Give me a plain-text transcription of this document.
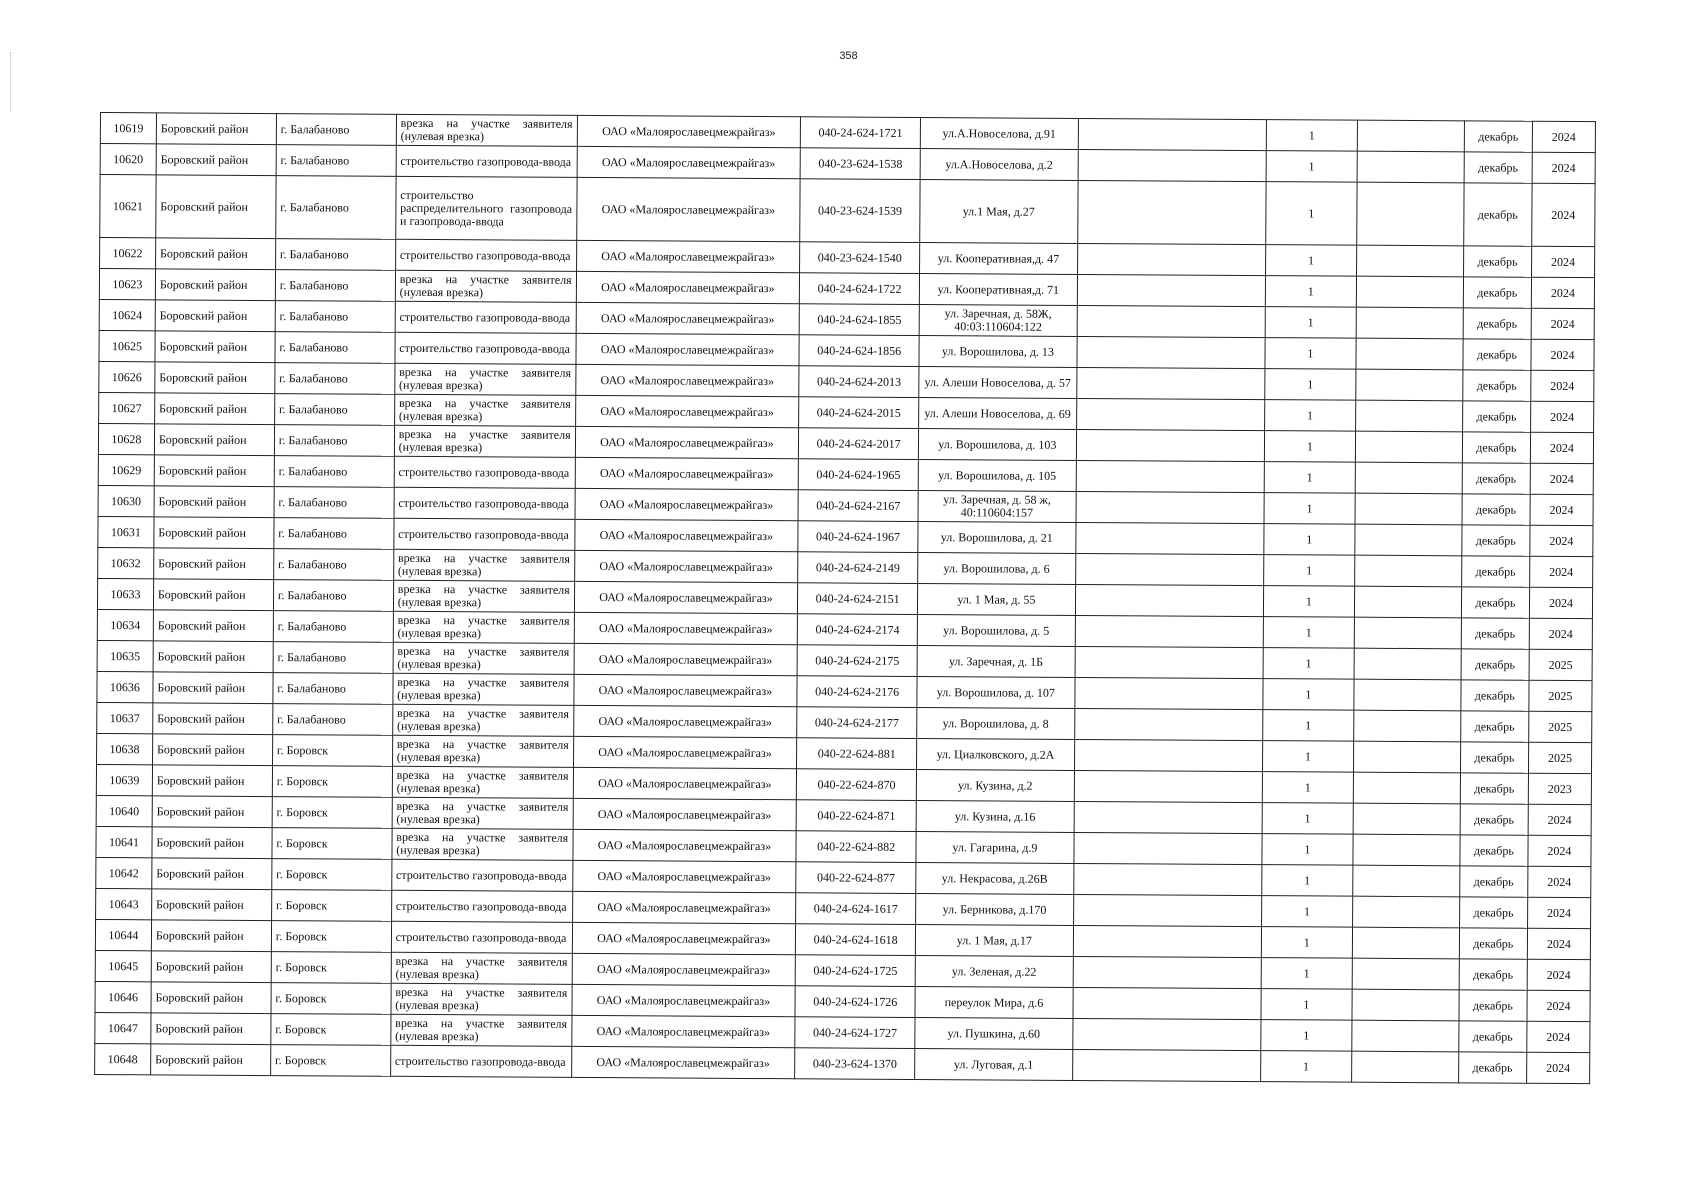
358
10619	Боровский район	г. Балабаново	врезка на участке заявителя (нулевая врезка)	ОАО «Малоярославецмежрайгаз»	040-24-624-1721	ул.А.Новоселова, д.91		1		декабрь	2024
10620	Боровский район	г. Балабаново	строительство газопровода-ввода	ОАО «Малоярославецмежрайгаз»	040-23-624-1538	ул.А.Новоселова, д.2		1		декабрь	2024
10621	Боровский район	г. Балабаново	строительство распределительного газопровода и газопровода-ввода	ОАО «Малоярославецмежрайгаз»	040-23-624-1539	ул.1 Мая, д.27		1		декабрь	2024
10622	Боровский район	г. Балабаново	строительство газопровода-ввода	ОАО «Малоярославецмежрайгаз»	040-23-624-1540	ул. Кооперативная,д. 47		1		декабрь	2024
10623	Боровский район	г. Балабаново	врезка на участке заявителя (нулевая врезка)	ОАО «Малоярославецмежрайгаз»	040-24-624-1722	ул. Кооперативная,д. 71		1		декабрь	2024
10624	Боровский район	г. Балабаново	строительство газопровода-ввода	ОАО «Малоярославецмежрайгаз»	040-24-624-1855	ул. Заречная, д. 58Ж, 40:03:110604:122		1		декабрь	2024
10625	Боровский район	г. Балабаново	строительство газопровода-ввода	ОАО «Малоярославецмежрайгаз»	040-24-624-1856	ул. Ворошилова, д. 13		1		декабрь	2024
10626	Боровский район	г. Балабаново	врезка на участке заявителя (нулевая врезка)	ОАО «Малоярославецмежрайгаз»	040-24-624-2013	ул. Алеши Новоселова, д. 57		1		декабрь	2024
10627	Боровский район	г. Балабаново	врезка на участке заявителя (нулевая врезка)	ОАО «Малоярославецмежрайгаз»	040-24-624-2015	ул. Алеши Новоселова, д. 69		1		декабрь	2024
10628	Боровский район	г. Балабаново	врезка на участке заявителя (нулевая врезка)	ОАО «Малоярославецмежрайгаз»	040-24-624-2017	ул. Ворошилова, д. 103		1		декабрь	2024
10629	Боровский район	г. Балабаново	строительство газопровода-ввода	ОАО «Малоярославецмежрайгаз»	040-24-624-1965	ул. Ворошилова, д. 105		1		декабрь	2024
10630	Боровский район	г. Балабаново	строительство газопровода-ввода	ОАО «Малоярославецмежрайгаз»	040-24-624-2167	ул. Заречная, д. 58 ж, 40:110604:157		1		декабрь	2024
10631	Боровский район	г. Балабаново	строительство газопровода-ввода	ОАО «Малоярославецмежрайгаз»	040-24-624-1967	ул. Ворошилова, д. 21		1		декабрь	2024
10632	Боровский район	г. Балабаново	врезка на участке заявителя (нулевая врезка)	ОАО «Малоярославецмежрайгаз»	040-24-624-2149	ул. Ворошилова, д. 6		1		декабрь	2024
10633	Боровский район	г. Балабаново	врезка на участке заявителя (нулевая врезка)	ОАО «Малоярославецмежрайгаз»	040-24-624-2151	ул. 1 Мая, д. 55		1		декабрь	2024
10634	Боровский район	г. Балабаново	врезка на участке заявителя (нулевая врезка)	ОАО «Малоярославецмежрайгаз»	040-24-624-2174	ул. Ворошилова, д. 5		1		декабрь	2024
10635	Боровский район	г. Балабаново	врезка на участке заявителя (нулевая врезка)	ОАО «Малоярославецмежрайгаз»	040-24-624-2175	ул. Заречная, д. 1Б		1		декабрь	2025
10636	Боровский район	г. Балабаново	врезка на участке заявителя (нулевая врезка)	ОАО «Малоярославецмежрайгаз»	040-24-624-2176	ул. Ворошилова, д. 107		1		декабрь	2025
10637	Боровский район	г. Балабаново	врезка на участке заявителя (нулевая врезка)	ОАО «Малоярославецмежрайгаз»	040-24-624-2177	ул. Ворошилова, д. 8		1		декабрь	2025
10638	Боровский район	г. Боровск	врезка на участке заявителя (нулевая врезка)	ОАО «Малоярославецмежрайгаз»	040-22-624-881	ул. Циалковского, д.2А		1		декабрь	2025
10639	Боровский район	г. Боровск	врезка на участке заявителя (нулевая врезка)	ОАО «Малоярославецмежрайгаз»	040-22-624-870	ул. Кузина, д.2		1		декабрь	2023
10640	Боровский район	г. Боровск	врезка на участке заявителя (нулевая врезка)	ОАО «Малоярославецмежрайгаз»	040-22-624-871	ул. Кузина, д.16		1		декабрь	2024
10641	Боровский район	г. Боровск	врезка на участке заявителя (нулевая врезка)	ОАО «Малоярославецмежрайгаз»	040-22-624-882	ул. Гагарина, д.9		1		декабрь	2024
10642	Боровский район	г. Боровск	строительство газопровода-ввода	ОАО «Малоярославецмежрайгаз»	040-22-624-877	ул. Некрасова, д.26В		1		декабрь	2024
10643	Боровский район	г. Боровск	строительство газопровода-ввода	ОАО «Малоярославецмежрайгаз»	040-24-624-1617	ул. Берникова, д.170		1		декабрь	2024
10644	Боровский район	г. Боровск	строительство газопровода-ввода	ОАО «Малоярославецмежрайгаз»	040-24-624-1618	ул. 1 Мая, д.17		1		декабрь	2024
10645	Боровский район	г. Боровск	врезка на участке заявителя (нулевая врезка)	ОАО «Малоярославецмежрайгаз»	040-24-624-1725	ул. Зеленая, д.22		1		декабрь	2024
10646	Боровский район	г. Боровск	врезка на участке заявителя (нулевая врезка)	ОАО «Малоярославецмежрайгаз»	040-24-624-1726	переулок Мира, д.6		1		декабрь	2024
10647	Боровский район	г. Боровск	врезка на участке заявителя (нулевая врезка)	ОАО «Малоярославецмежрайгаз»	040-24-624-1727	ул. Пушкина, д.60		1		декабрь	2024
10648	Боровский район	г. Боровск	строительство газопровода-ввода	ОАО «Малоярославецмежрайгаз»	040-23-624-1370	ул. Луговая, д.1		1		декабрь	2024
